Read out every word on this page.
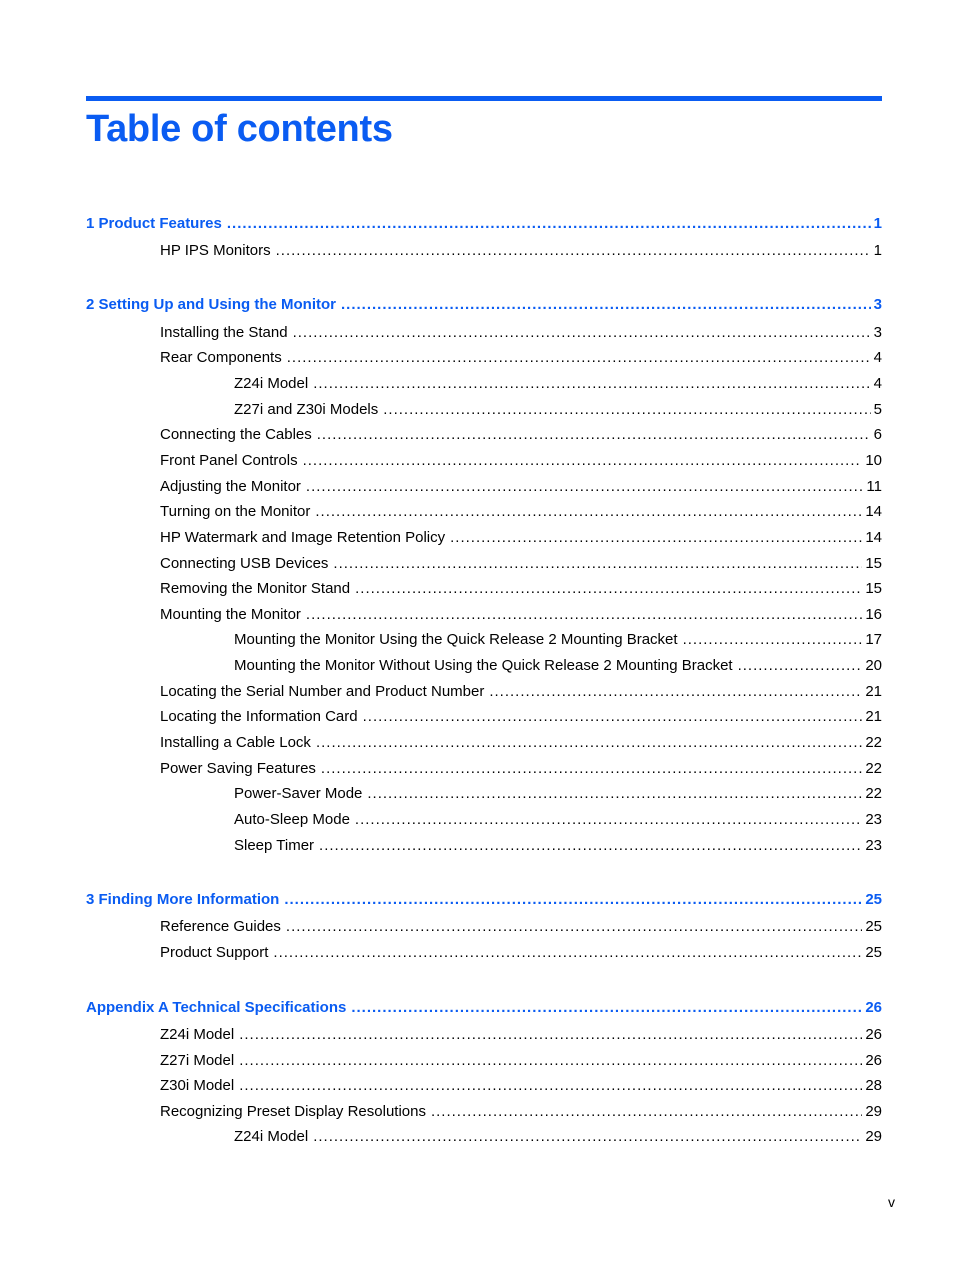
Table of contents
1 Product Features .....	1
HP IPS Monitors .....	1
2 Setting Up and Using the Monitor .....	3
Installing the Stand .....	3
Rear Components .....	4
Z24i Model .....	4
Z27i and Z30i Models .....	5
Connecting the Cables .....	6
Front Panel Controls .....	10
Adjusting the Monitor .....	11
Turning on the Monitor .....	14
HP Watermark and Image Retention Policy .....	14
Connecting USB Devices .....	15
Removing the Monitor Stand .....	15
Mounting the Monitor .....	16
Mounting the Monitor Using the Quick Release 2 Mounting Bracket .....	17
Mounting the Monitor Without Using the Quick Release 2 Mounting Bracket .....	20
Locating the Serial Number and Product Number .....	21
Locating the Information Card .....	21
Installing a Cable Lock .....	22
Power Saving Features .....	22
Power-Saver Mode .....	22
Auto-Sleep Mode .....	23
Sleep Timer .....	23
3 Finding More Information .....	25
Reference Guides .....	25
Product Support .....	25
Appendix A Technical Specifications .....	26
Z24i Model .....	26
Z27i Model .....	26
Z30i Model .....	28
Recognizing Preset Display Resolutions .....	29
Z24i Model .....	29
v
